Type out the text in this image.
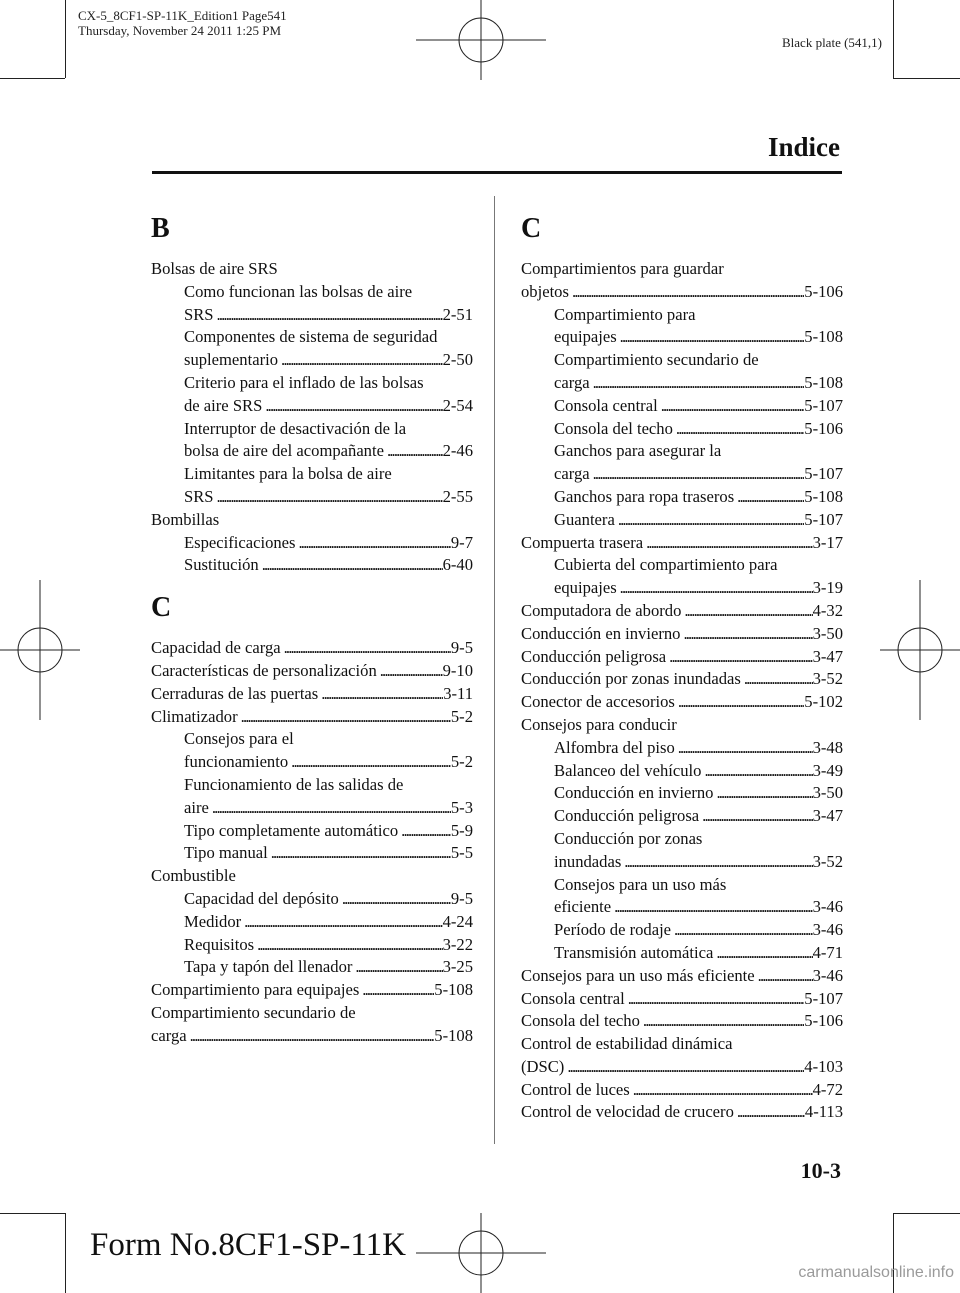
CX-5_8CF1-SP-11K_Edition1 Page541
Thursday, November 24 2011 1:25 PM
Black plate (541,1)
Indice
B
Bolsas de aire SRS
Como funcionan las bolsas de aire
SRS . . .	2-51
Componentes de sistema de seguridad
suplementario . . .	2-50
Criterio para el inflado de las bolsas
de aire SRS . . .	2-54
Interruptor de desactivación de la
bolsa de aire del acompañante . . .	2-46
Limitantes para la bolsa de aire
SRS . . .	2-55
Bombillas
Especificaciones . . .	9-7
Sustitución . . .	6-40
C
Capacidad de carga . . .	9-5
Características de personalización . . .	9-10
Cerraduras de las puertas . . .	3-11
Climatizador . . .	5-2
Consejos para el
funcionamiento . . .	5-2
Funcionamiento de las salidas de
aire . . .	5-3
Tipo completamente automático . . .	5-9
Tipo manual . . .	5-5
Combustible
Capacidad del depósito . . .	9-5
Medidor . . .	4-24
Requisitos . . .	3-22
Tapa y tapón del llenador . . .	3-25
Compartimiento para equipajes . . .	5-108
Compartimiento secundario de
carga . . .	5-108
C
Compartimientos para guardar
objetos . . .	5-106
Compartimiento para
equipajes . . .	5-108
Compartimiento secundario de
carga . . .	5-108
Consola central . . .	5-107
Consola del techo . . .	5-106
Ganchos para asegurar la
carga . . .	5-107
Ganchos para ropa traseros . . .	5-108
Guantera . . .	5-107
Compuerta trasera . . .	3-17
Cubierta del compartimiento para
equipajes . . .	3-19
Computadora de abordo . . .	4-32
Conducción en invierno . . .	3-50
Conducción peligrosa . . .	3-47
Conducción por zonas inundadas . . .	3-52
Conector de accesorios . . .	5-102
Consejos para conducir
Alfombra del piso . . .	3-48
Balanceo del vehículo . . .	3-49
Conducción en invierno . . .	3-50
Conducción peligrosa . . .	3-47
Conducción por zonas
inundadas . . .	3-52
Consejos para un uso más
eficiente . . .	3-46
Período de rodaje . . .	3-46
Transmisión automática . . .	4-71
Consejos para un uso más eficiente . . .	3-46
Consola central . . .	5-107
Consola del techo . . .	5-106
Control de estabilidad dinámica
(DSC) . . .	4-103
Control de luces . . .	4-72
Control de velocidad de crucero . . .	4-113
10-3
Form No.8CF1-SP-11K
carmanualsonline.info
